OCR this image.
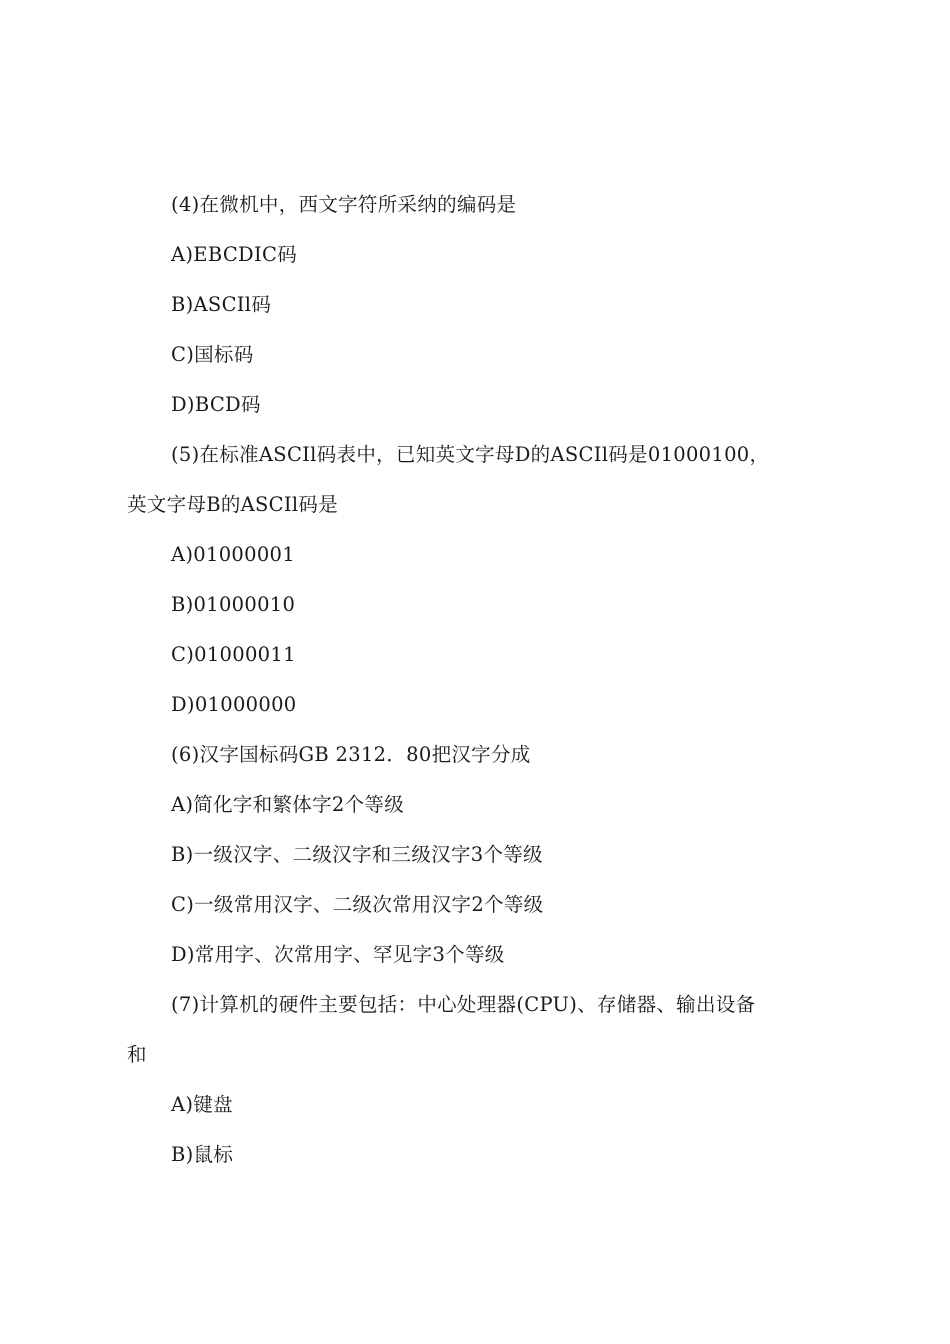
(4)在微机中，西文字符所采纳的编码是
A)EBCDIC码
B)ASCIl码
C)国标码
D)BCD码
(5)在标准ASCIl码表中，已知英文字母D的ASCIl码是01000100，
英文字母B的ASCIl码是
A)01000001
B)01000010
C)01000011
D)01000000
(6)汉字国标码GB 2312．80把汉字分成
A)简化字和繁体字2个等级
B)一级汉字、二级汉字和三级汉字3个等级
C)一级常用汉字、二级次常用汉字2个等级
D)常用字、次常用字、罕见字3个等级
(7)计算机的硬件主要包括：中心处理器(CPU)、存储器、输出设备
和
A)键盘
B)鼠标
